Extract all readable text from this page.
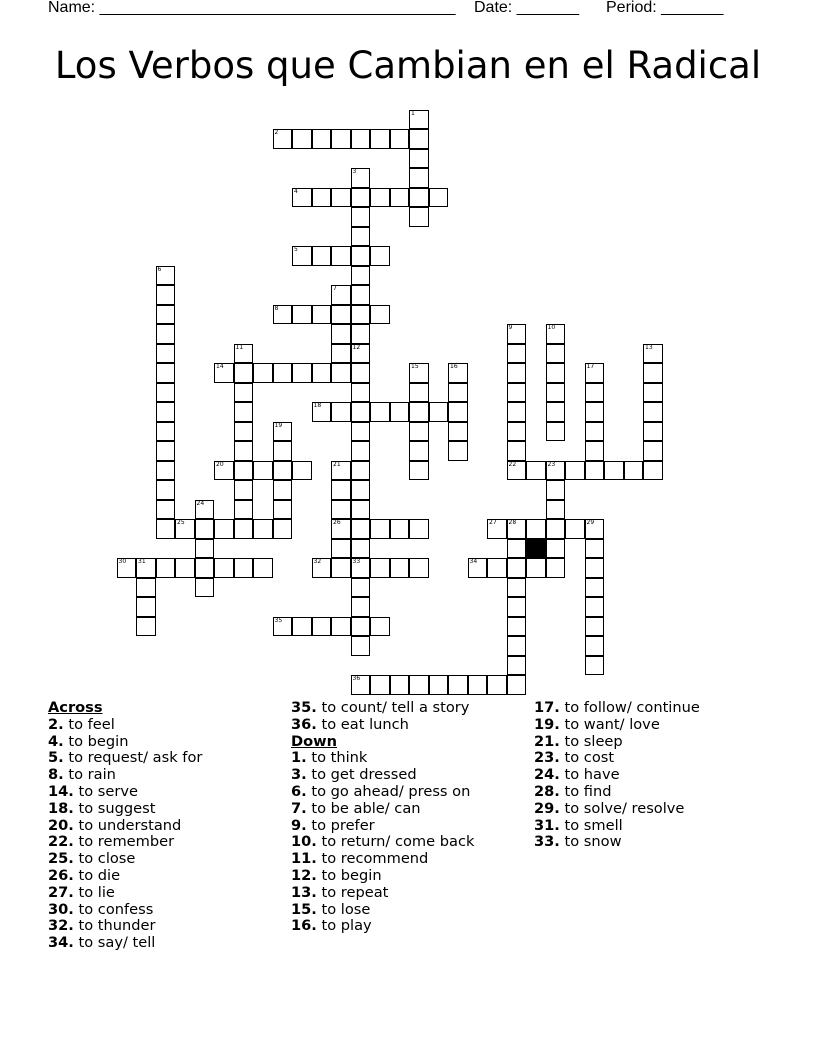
Name: ________________________________________ Date: _______ Period: _______
Los Verbos que Cambian en el Radical
1
2
3
12
4
5
6
7
8
9
22
10
11
33
13
14	15	16	17
18
19
20	21
26
23
24
25	27 28	29
30 31	32	34
35
36
Across
2. to feel
4. to begin
5. to request/ ask for
8. to rain
14. to serve
18. to suggest
20. to understand
22. to remember
25. to close
26. to die
27. to lie
30. to confess
32. to thunder
34. to say/ tell
35. to count/ tell a story
36. to eat lunch
Down
1. to think
3. to get dressed
6. to go ahead/ press on
7. to be able/ can
9. to prefer
10. to return/ come back
11. to recommend
12. to begin
13. to repeat
15. to lose
16. to play
17. to follow/ continue
19. to want/ love
21. to sleep
23. to cost
24. to have
28. to find
29. to solve/ resolve
31. to smell
33. to snow
